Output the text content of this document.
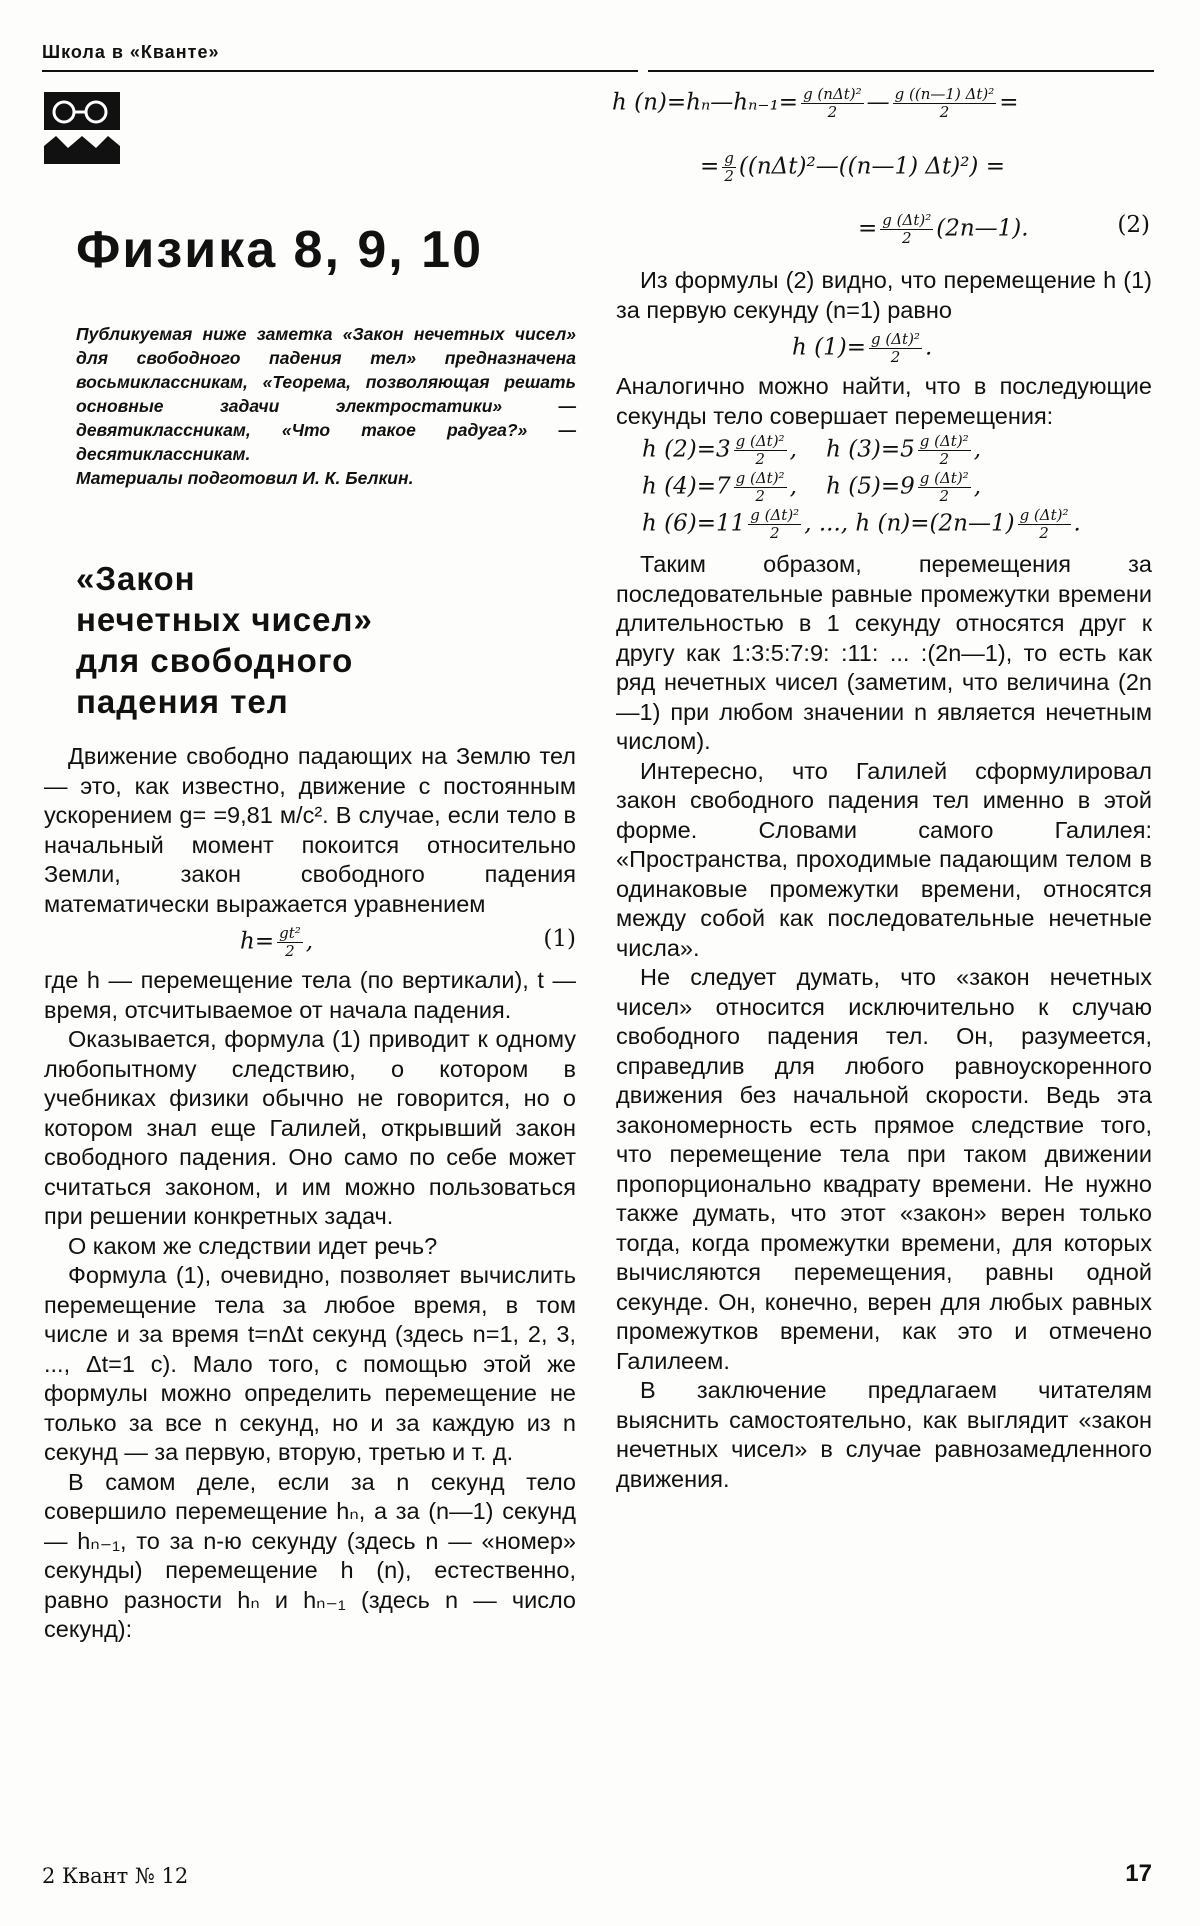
Школа в «Кванте»
Физика 8, 9, 10

Публикуемая ниже заметка «Закон нечетных чисел» для свободного падения тел» предназначена восьмиклассникам, «Теорема, позволяющая решать основные задачи электростатики» — девятиклассникам, «Что такое радуга?» — десятиклассникам.

Материалы подготовил И. К. Белкин.

«Закон
нечетных чисел»
для свободного
падения тел

Движение свободно падающих на Землю тел — это, как известно, движение с постоянным ускорением g= =9,81 м/с². В случае, если тело в начальный момент покоится относительно Земли, закон свободного падения математически выражается уравнением

$h= \frac{\text{gt²}}{2}$ ,	(1)

где h — перемещение тела (по вертикали), t — время, отсчитываемое от начала падения.

Оказывается, формула (1) приводит к одному любопытному следствию, о котором в учебниках физики обычно не говорится, но о котором знал еще Галилей, открывший закон свободного падения. Оно само по себе может считаться законом, и им можно пользоваться при решении конкретных задач.

О каком же следствии идет речь?

Формула (1), очевидно, позволяет вычислить перемещение тела за любое время, в том числе и за время t=nΔt секунд (здесь n=1, 2, 3, ..., Δt=1 с). Мало того, с помощью этой же формулы можно определить перемещение не только за все n секунд, но и за каждую из n секунд — за первую, вторую, третью и т. д.

В самом деле, если за n секунд тело совершило перемещение hₙ, а за (n—1) секунд — hₙ₋₁, то за n-ю секунду (здесь n — «номер» секунды) перемещение h (n), естественно, равно разности hₙ и hₙ₋₁ (здесь n — число секунд):

h (n)=hₙ—hₙ₋₁= $\frac{\text{g (nΔt)²}}{2}$ — $\frac{\text{g ((n—1) Δt)²}}{2}$ =
= $\frac{g}{2}$ ((nΔt)²—((n—1) Δt)²) =
= $\frac{\text{g (Δt)²}}{2}$ (2n—1).	(2)

Из формулы (2) видно, что перемещение h (1) за первую секунду (n=1) равно

h $(1)= \frac{\text{g (Δt)²}}{2}$ .

Аналогично можно найти, что в последующие секунды тело совершает перемещения:

h $(2)=3 \frac{\text{g (Δt)²}}{2}$ , h $(3)=5 \frac{\text{g (Δt)²}}{2}$ ,
h $(4)=7 \frac{\text{g (Δt)²}}{2}$ , h $(5)=9 \frac{\text{g (Δt)²}}{2}$ ,
h $(6)=11 \frac{\text{g (Δt)²}}{2}$ , ..., h (n)=(2n—1) $\frac{\text{g (Δt)²}}{2}$ .

Таким образом, перемещения за последовательные равные промежутки времени длительностью в 1 секунду относятся друг к другу как 1:3:5:7:9: :11: ... :(2n—1), то есть как ряд нечетных чисел (заметим, что величина (2n—1) при любом значении n является нечетным числом).

Интересно, что Галилей сформулировал закон свободного падения тел именно в этой форме. Словами самого Галилея: «Пространства, проходимые падающим телом в одинаковые промежутки времени, относятся между собой как последовательные нечетные числа».

Не следует думать, что «закон нечетных чисел» относится исключительно к случаю свободного падения тел. Он, разумеется, справедлив для любого равноускоренного движения без начальной скорости. Ведь эта закономерность есть прямое следствие того, что перемещение тела при таком движении пропорционально квадрату времени. Не нужно также думать, что этот «закон» верен только тогда, когда промежутки времени, для которых вычисляются перемещения, равны одной секунде. Он, конечно, верен для любых равных промежутков времени, как это и отмечено Галилеем.

В заключение предлагаем читателям выяснить самостоятельно, как выглядит «закон нечетных чисел» в случае равнозамедленного движения.

2 Квант № 12	17
